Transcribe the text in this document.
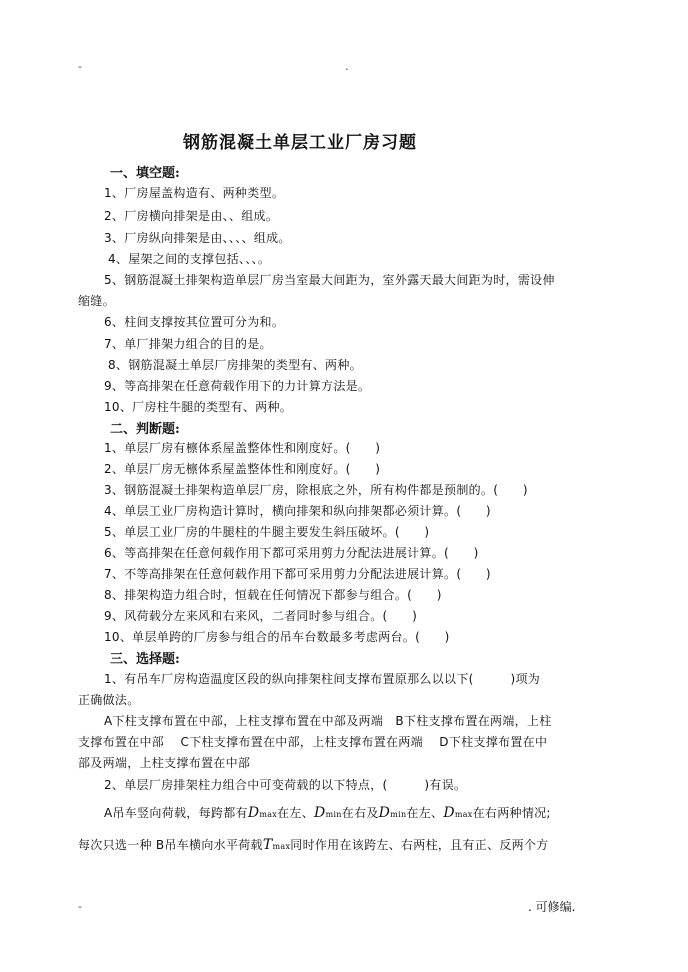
-	.
钢筋混凝土单层工业厂房习题
一、填空题:
1、厂房屋盖构造有、两种类型。
2、厂房横向排架是由、、组成。
3、厂房纵向排架是由、、、、组成。
4、屋架之间的支撑包括、、、。
5、钢筋混凝土排架构造单层厂房当室最大间距为，室外露天最大间距为时，需设伸
缩缝。
6、柱间支撑按其位置可分为和。
7、单厂排架力组合的目的是。
8、钢筋混凝土单层厂房排架的类型有、两种。
9、等高排架在任意荷载作用下的力计算方法是。
10、厂房柱牛腿的类型有、两种。
二、判断题:
1、单层厂房有檩体系屋盖整体性和刚度好。(　　)
2、单层厂房无檩体系屋盖整体性和刚度好。(　　)
3、钢筋混凝土排架构造单层厂房，除根底之外，所有构件都是预制的。(　　)
4、单层工业厂房构造计算时，横向排架和纵向排架都必须计算。(　　)
5、单层工业厂房的牛腿柱的牛腿主要发生斜压破坏。(　　)
6、等高排架在任意何载作用下都可采用剪力分配法进展计算。(　　)
7、不等高排架在任意何载作用下都可采用剪力分配法进展计算。(　　)
8、排架构造力组合时，恒载在任何情况下都参与组合。(　　)
9、风荷载分左来风和右来风，二者同时参与组合。(　　)
10、单层单跨的厂房参与组合的吊车台数最多考虑两台。(　　)
三、选择题:
1、有吊车厂房构造温度区段的纵向排架柱间支撑布置原那么以以下(　　　)项为
正确做法。
A下柱支撑布置在中部，上柱支撑布置在中部及两端　B下柱支撑布置在两端，上柱
支撑布置在中部　 C下柱支撑布置在中部，上柱支撑布置在两端　 D下柱支撑布置在中
部及两端，上柱支撑布置在中部
2、单层厂房排架柱力组合中可变荷载的以下特点，(　　　)有误。
A吊车竖向荷载，每跨都有Dmax在左、Dmin在右及Dmin在左、Dmax在右两种情况;
每次只选一种 B吊车横向水平荷载Tmax同时作用在该跨左、右两柱，且有正、反两个方
-	. 可修编.
